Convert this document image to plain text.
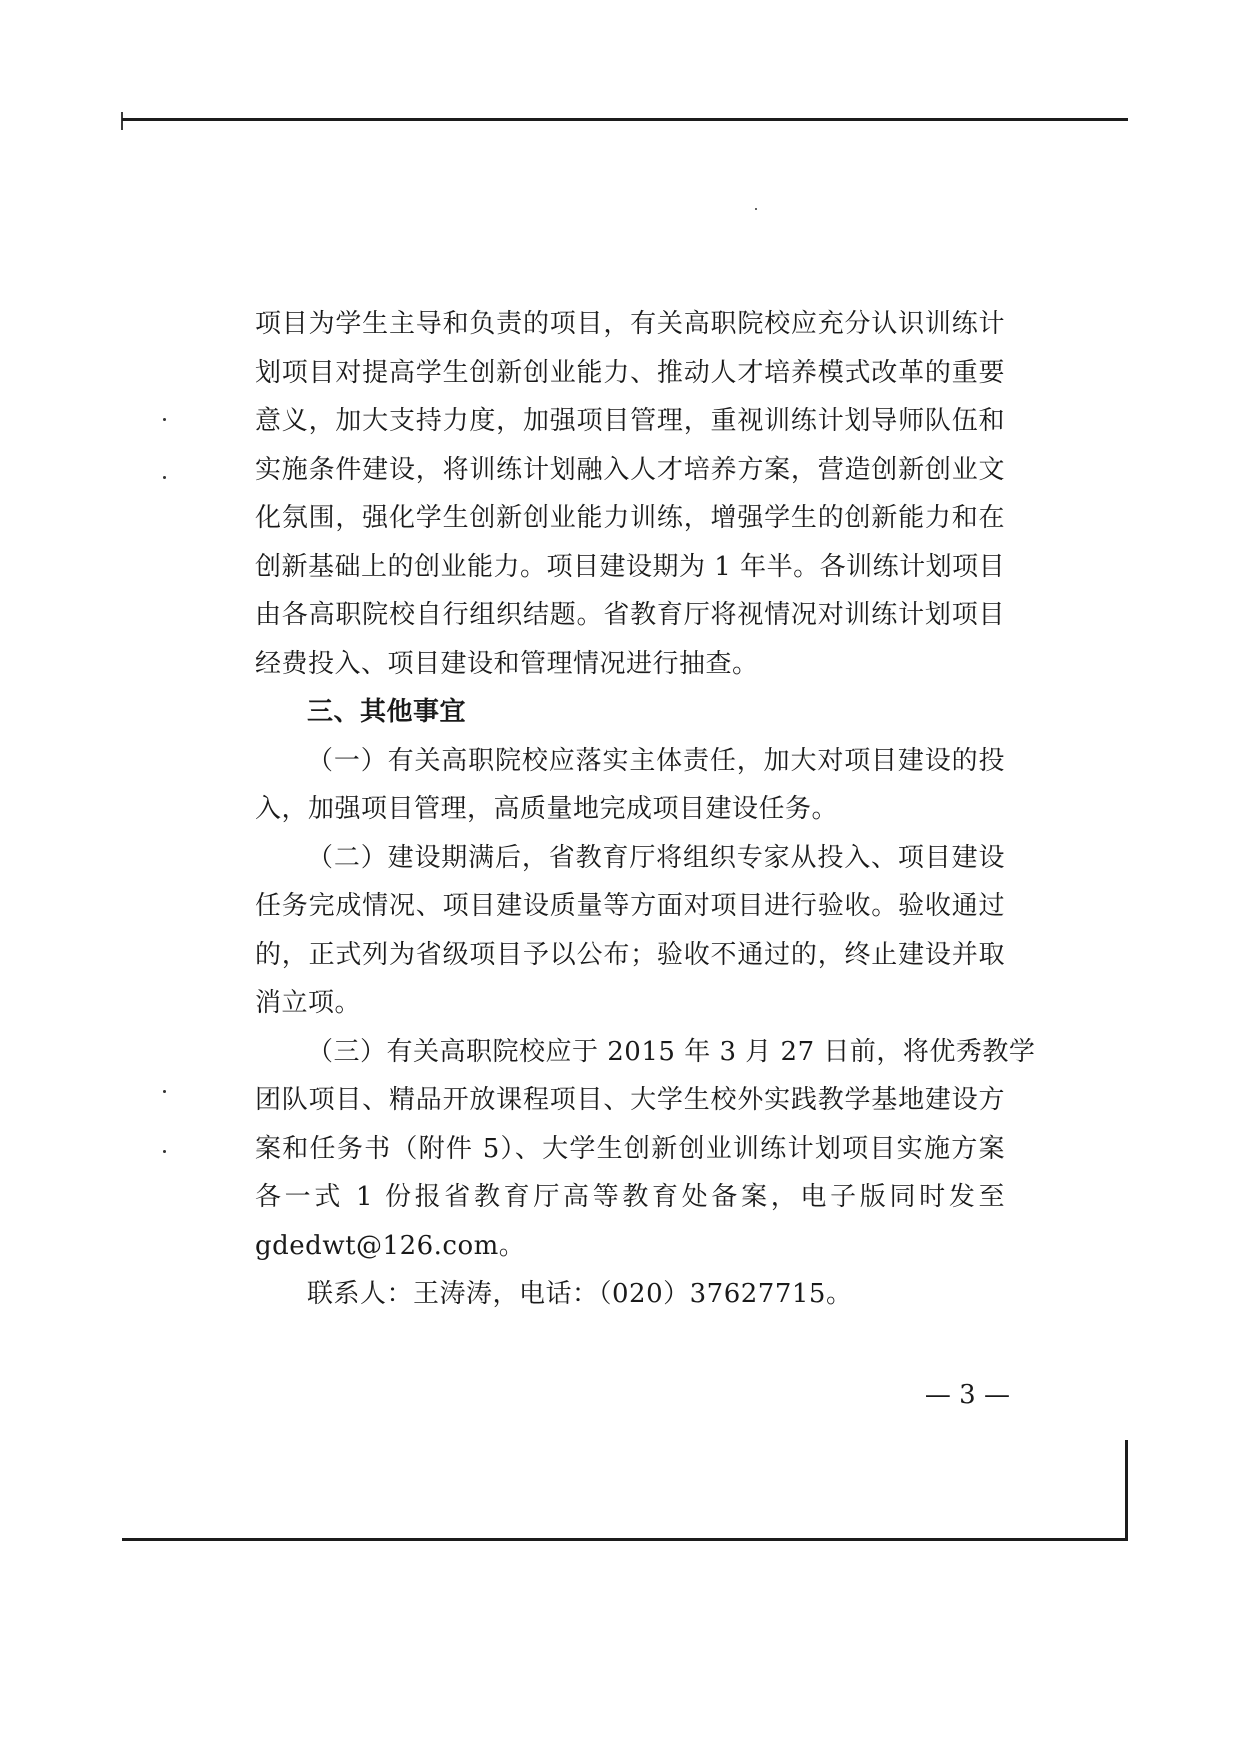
项目为学生主导和负责的项目，有关高职院校应充分认识训练计
划项目对提高学生创新创业能力、推动人才培养模式改革的重要
意义，加大支持力度，加强项目管理，重视训练计划导师队伍和
实施条件建设，将训练计划融入人才培养方案，营造创新创业文
化氛围，强化学生创新创业能力训练，增强学生的创新能力和在
创新基础上的创业能力。项目建设期为 1 年半。各训练计划项目
由各高职院校自行组织结题。省教育厅将视情况对训练计划项目
经费投入、项目建设和管理情况进行抽查。
三、其他事宜
（一）有关高职院校应落实主体责任，加大对项目建设的投
入，加强项目管理，高质量地完成项目建设任务。
（二）建设期满后，省教育厅将组织专家从投入、项目建设
任务完成情况、项目建设质量等方面对项目进行验收。验收通过
的，正式列为省级项目予以公布；验收不通过的，终止建设并取
消立项。
（三）有关高职院校应于 2015 年 3 月 27 日前，将优秀教学
团队项目、精品开放课程项目、大学生校外实践教学基地建设方
案和任务书（附件 5）、大学生创新创业训练计划项目实施方案
各一式 1 份报省教育厅高等教育处备案，电子版同时发至
gdedwt@126.com。
联系人：王涛涛，电话：（020）37627715。
— 3 —
